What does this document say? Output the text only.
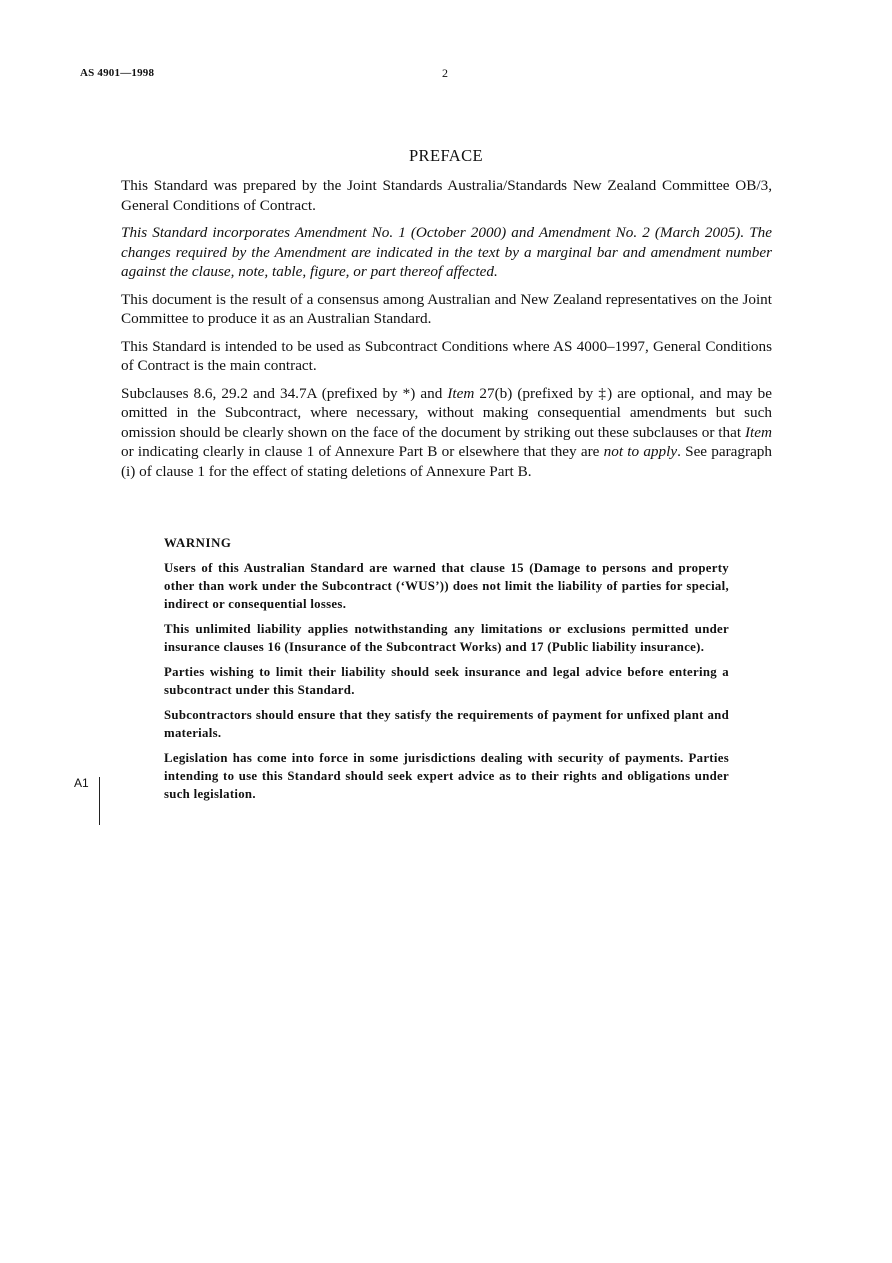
AS 4901—1998	2
PREFACE

This Standard was prepared by the Joint Standards Australia/Standards New Zealand Committee OB/3, General Conditions of Contract.

This Standard incorporates Amendment No. 1 (October 2000) and Amendment No. 2 (March 2005). The changes required by the Amendment are indicated in the text by a marginal bar and amendment number against the clause, note, table, figure, or part thereof affected.

This document is the result of a consensus among Australian and New Zealand representatives on the Joint Committee to produce it as an Australian Standard.

This Standard is intended to be used as Subcontract Conditions where AS 4000–1997, General Conditions of Contract is the main contract.

Subclauses 8.6, 29.2 and 34.7A (prefixed by *) and Item 27(b) (prefixed by ‡) are optional, and may be omitted in the Subcontract, where necessary, without making consequential amendments but such omission should be clearly shown on the face of the document by striking out these subclauses or that Item or indicating clearly in clause 1 of Annexure Part B or elsewhere that they are not to apply. See paragraph (i) of clause 1 for the effect of stating deletions of Annexure Part B.

WARNING

Users of this Australian Standard are warned that clause 15 (Damage to persons and property other than work under the Subcontract (‘WUS’)) does not limit the liability of parties for special, indirect or consequential losses.

This unlimited liability applies notwithstanding any limitations or exclusions permitted under insurance clauses 16 (Insurance of the Subcontract Works) and 17 (Public liability insurance).

Parties wishing to limit their liability should seek insurance and legal advice before entering a subcontract under this Standard.

Subcontractors should ensure that they satisfy the requirements of payment for unfixed plant and materials.

Legislation has come into force in some jurisdictions dealing with security of payments. Parties intending to use this Standard should seek expert advice as to their rights and obligations under such legislation.

A1
